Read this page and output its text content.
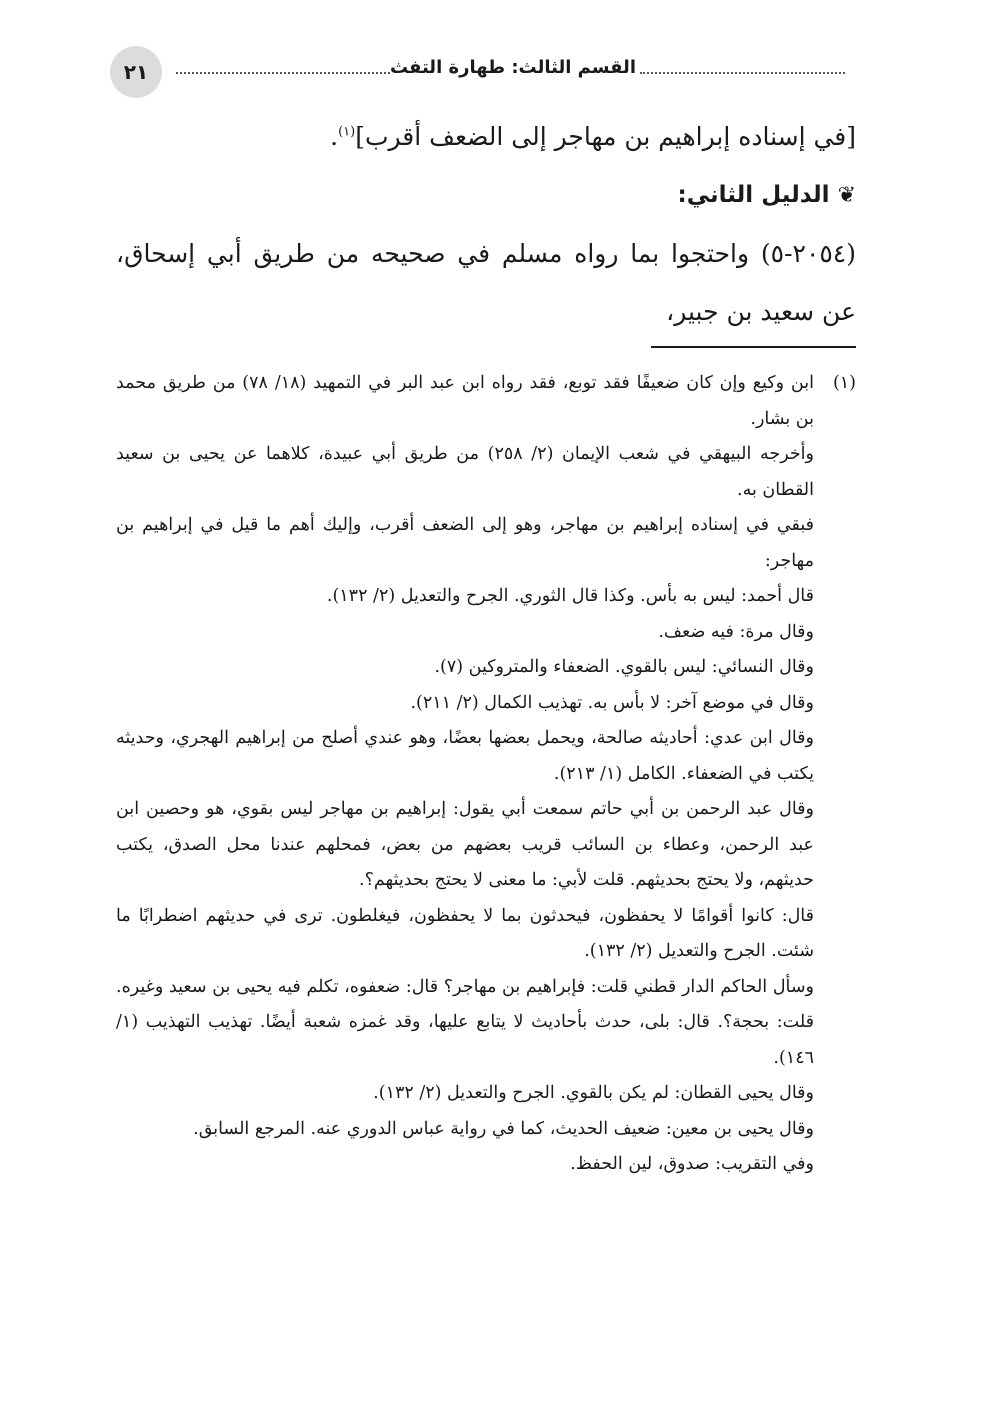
٢١	القسم الثالث: طهارة التفث

[في إسناده إبراهيم بن مهاجر إلى الضعف أقرب]$^{(١)}$.

❦الدليل الثاني:

(٢٠٥٤-٥) واحتجوا بما رواه مسلم في صحيحه من طريق أبي إسحاق، عن سعيد بن جبير،

(١)

ابن وكيع وإن كان ضعيفًا فقد توبع، فقد رواه ابن عبد البر في التمهيد (١٨/ ٧٨) من طريق محمد بن بشار.

وأخرجه البيهقي في شعب الإيمان (٢/ ٢٥٨) من طريق أبي عبيدة، كلاهما عن يحيى بن سعيد القطان به.

فبقي في إسناده إبراهيم بن مهاجر، وهو إلى الضعف أقرب، وإليك أهم ما قيل في إبراهيم بن مهاجر:

قال أحمد: ليس به بأس. وكذا قال الثوري. الجرح والتعديل (٢/ ١٣٢).

وقال مرة: فيه ضعف.

وقال النسائي: ليس بالقوي. الضعفاء والمتروكين (٧).

وقال في موضع آخر: لا بأس به. تهذيب الكمال (٢/ ٢١١).

وقال ابن عدي: أحاديثه صالحة، ويحمل بعضها بعضًا، وهو عندي أصلح من إبراهيم الهجري، وحديثه يكتب في الضعفاء. الكامل (١/ ٢١٣).

وقال عبد الرحمن بن أبي حاتم سمعت أبي يقول: إبراهيم بن مهاجر ليس بقوي، هو وحصين ابن عبد الرحمن، وعطاء بن السائب قريب بعضهم من بعض، فمحلهم عندنا محل الصدق، يكتب حديثهم، ولا يحتج بحديثهم. قلت لأبي: ما معنى لا يحتج بحديثهم؟.

قال: كانوا أقوامًا لا يحفظون، فيحدثون بما لا يحفظون، فيغلطون. ترى في حديثهم اضطرابًا ما شئت. الجرح والتعديل (٢/ ١٣٢).

وسأل الحاكم الدار قطني قلت: فإبراهيم بن مهاجر؟ قال: ضعفوه، تكلم فيه يحيى بن سعيد وغيره. قلت: بحجة؟. قال: بلى، حدث بأحاديث لا يتابع عليها، وقد غمزه شعبة أيضًا. تهذيب التهذيب (١/ ١٤٦).

وقال يحيى القطان: لم يكن بالقوي. الجرح والتعديل (٢/ ١٣٢).

وقال يحيى بن معين: ضعيف الحديث، كما في رواية عباس الدوري عنه. المرجع السابق.

وفي التقريب: صدوق، لين الحفظ.
